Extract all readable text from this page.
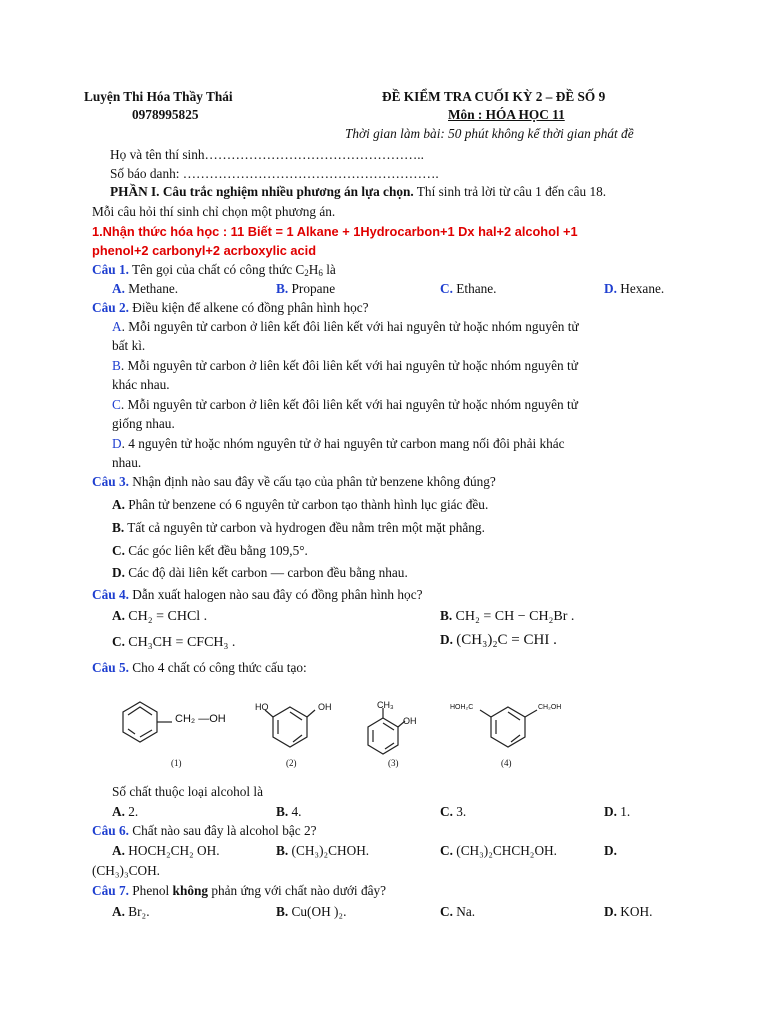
Luyện Thi Hóa Thầy Thái
0978995825
ĐỀ KIỂM TRA CUỐI KỲ 2 – ĐỀ SỐ 9
Môn : HÓA HỌC 11
Thời gian làm bài: 50 phút không kể thời gian phát đề
Họ và tên thí sinh…………………………………………..
Số báo danh: ………………………………………………….
PHẦN I. Câu trắc nghiệm nhiều phương án lựa chọn. Thí sinh trả lời từ câu 1 đến câu 18.
Mỗi câu hỏi thí sinh chỉ chọn một phương án.
1.Nhận thức hóa học : 11 Biết = 1 Alkane + 1Hydrocarbon+1 Dx hal+2 alcohol +1
phenol+2 carbonyl+2 acrboxylic acid
Câu 1. Tên gọi của chất có công thức $C_2H_6$ là
A. Methane.	B. Propane	C. Ethane.	D. Hexane.
Câu 2. Điều kiện để alkene có đồng phân hình học?
A. Mỗi nguyên tử carbon ở liên kết đôi liên kết với hai nguyên tử hoặc nhóm nguyên tử
bất kì.
B. Mỗi nguyên tử carbon ở liên kết đôi liên kết với hai nguyên tử hoặc nhóm nguyên tử
khác nhau.
C. Mỗi nguyên tử carbon ở liên kết đôi liên kết với hai nguyên tử hoặc nhóm nguyên tử
giống nhau.
D. 4 nguyên tử hoặc nhóm nguyên tử ở hai nguyên tử carbon mang nối đôi phải khác
nhau.
Câu 3. Nhận định nào sau đây về cấu tạo của phân tử benzene không đúng?
A. Phân tử benzene có 6 nguyên tử carbon tạo thành hình lục giác đều.
B. Tất cả nguyên tử carbon và hydrogen đều nằm trên một mặt phẳng.
C. Các góc liên kết đều bằng 109,5°.
D. Các độ dài liên kết carbon — carbon đều bằng nhau.
Câu 4. Dẫn xuất halogen nào sau đây có đồng phân hình học?
A. CH₂ = CHCl .	B. CH₂ = CH − CH₂Br .
C. CH₃CH = CFCH₃ .	D. (CH₃)₂C = CHI .
Câu 5. Cho 4 chất có công thức cấu tạo:
CH₂ —OH
HO	OH	CH₃
OH
HOH₂C	CH₂OH
(1)	(2)	(3)	(4)
Số chất thuộc loại alcohol là
A. 2.	B. 4.	C. 3.	D. 1.
Câu 6. Chất nào sau đây là alcohol bậc 2?
A. HOCH₂CH₂ OH.	B. (CH₃)₂CHOH.	C. (CH₃)₂CHCH₂OH.	D.
(CH₃)₃COH.
Câu 7. Phenol không phản ứng với chất nào dưới đây?
A. Br₂.	B. Cu(OH )₂.	C. Na.	D. KOH.
